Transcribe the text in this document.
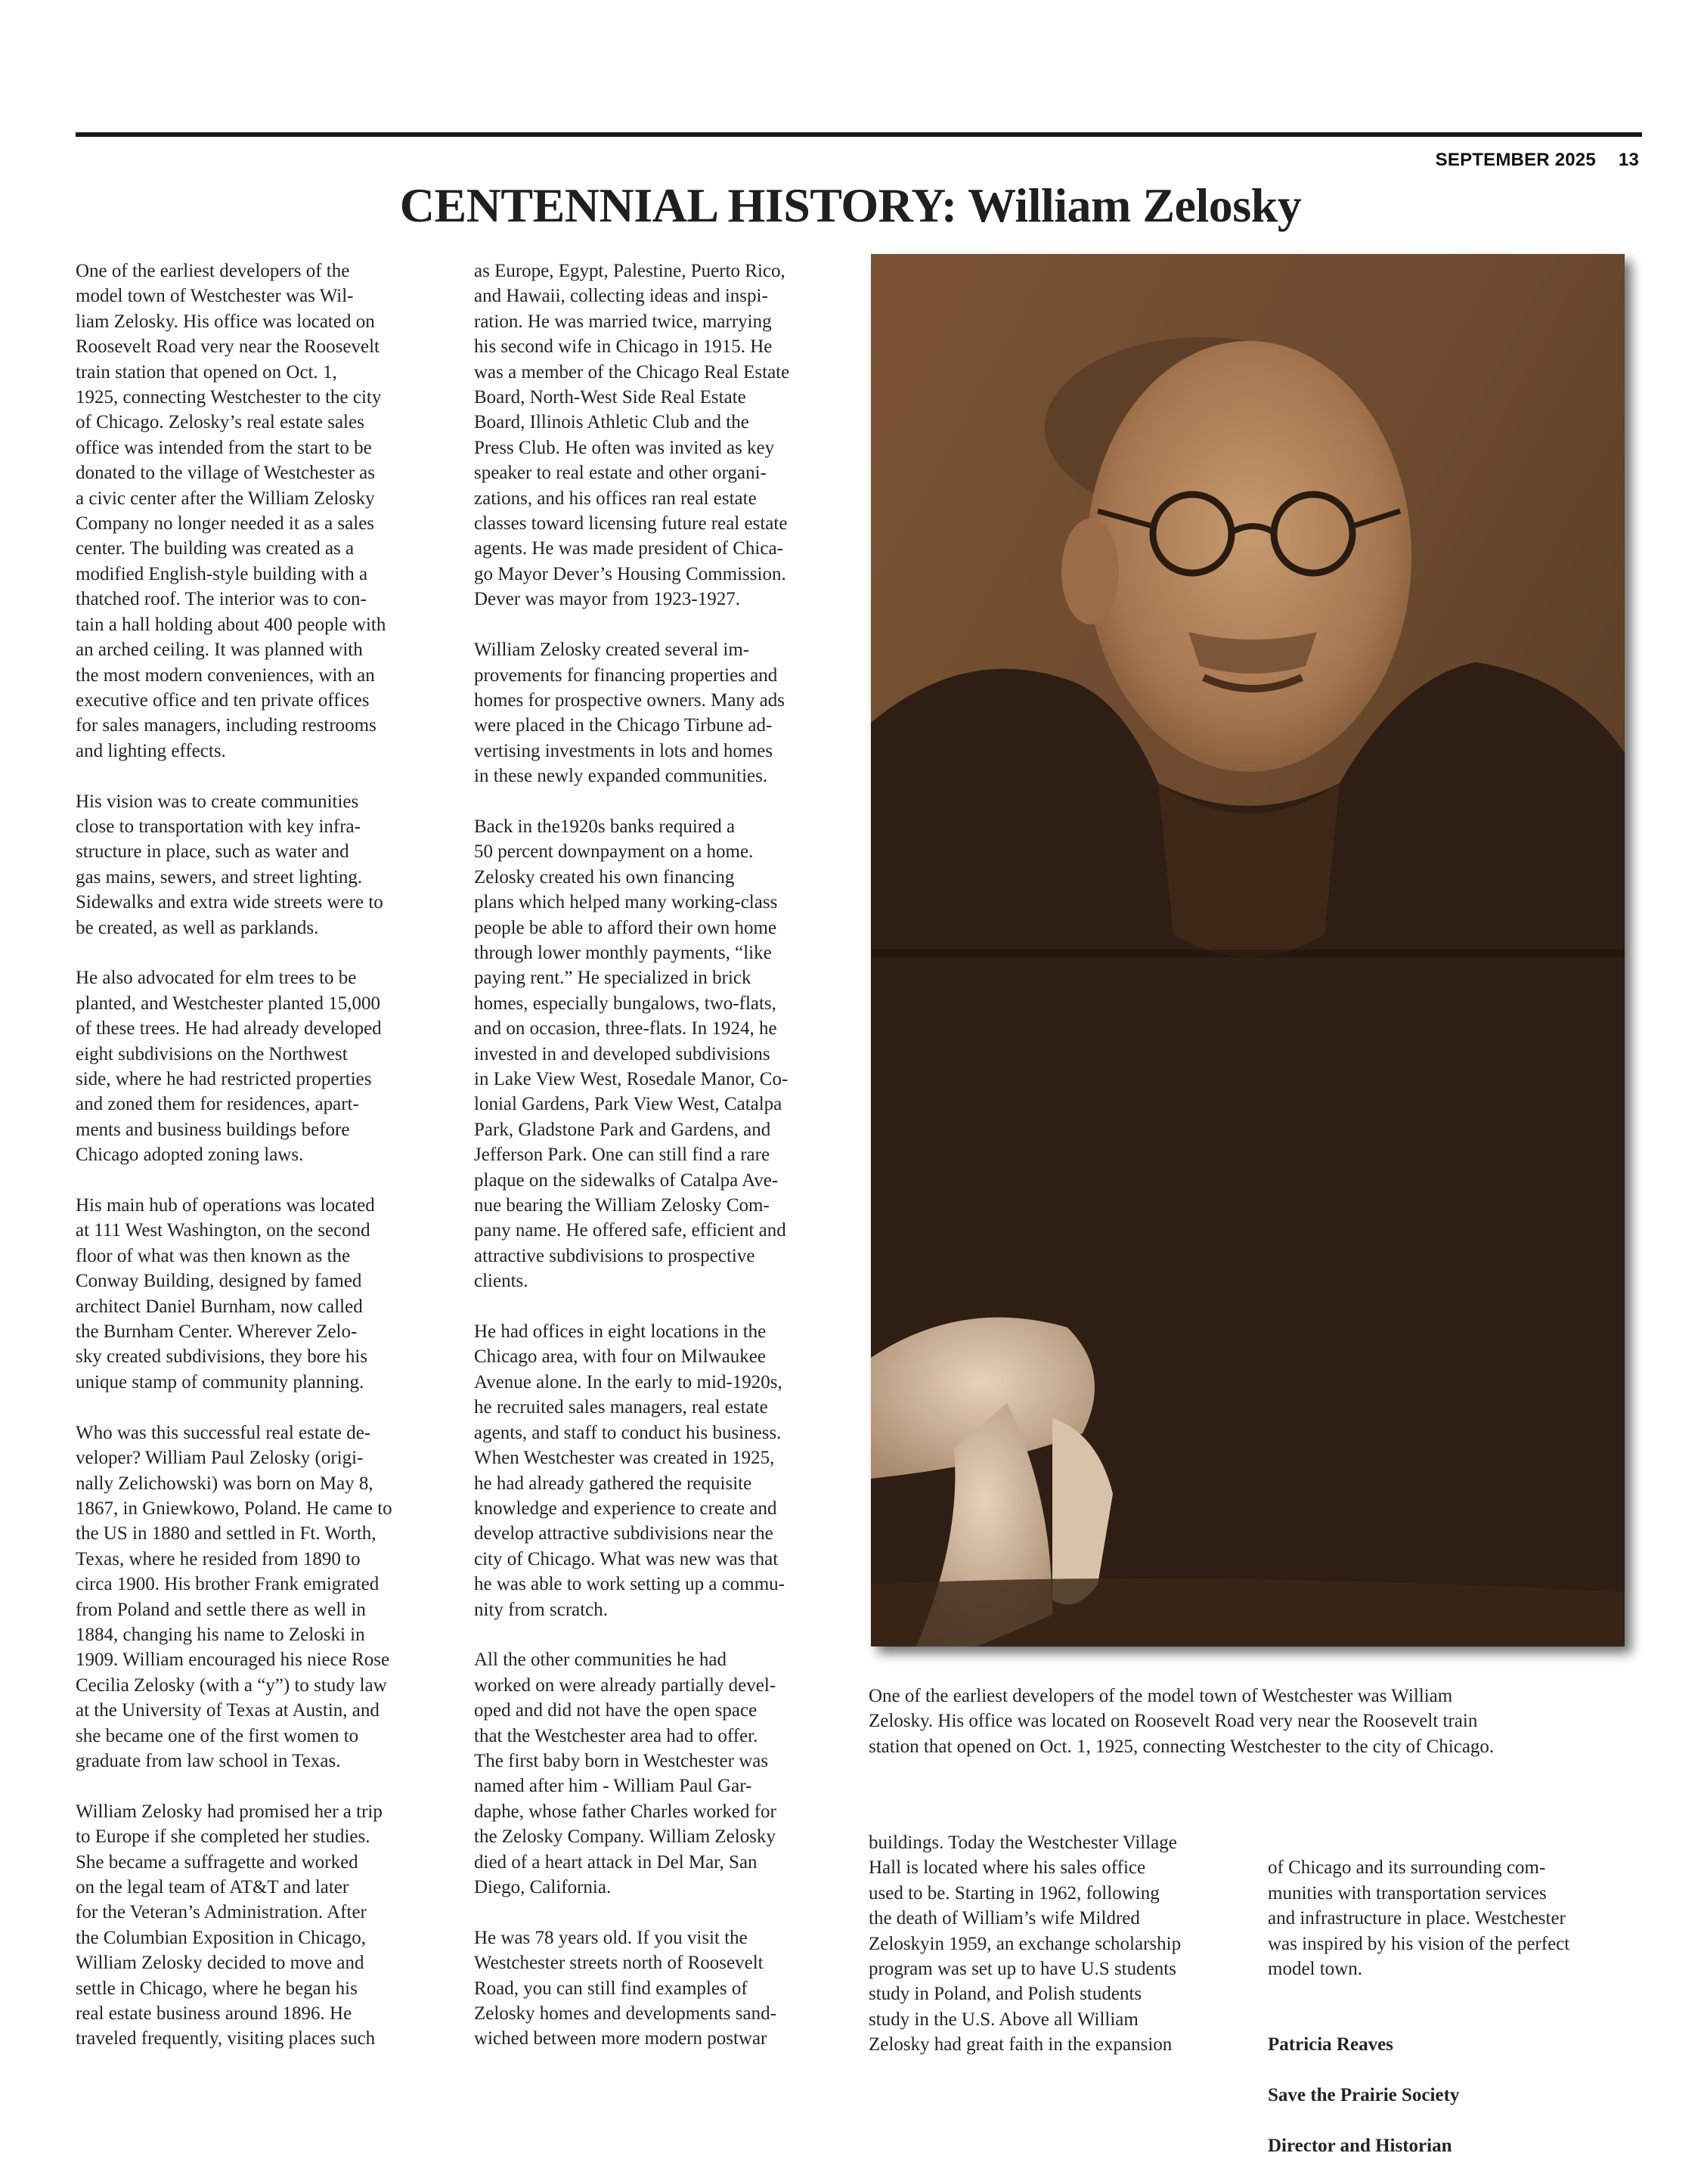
SEPTEMBER 2025 13
CENTENNIAL HISTORY: William Zelosky

One of the earliest developers of the
model town of Westchester was Wil-
liam Zelosky. His office was located on
Roosevelt Road very near the Roosevelt
train station that opened on Oct. 1,
1925, connecting Westchester to the city
of Chicago. Zelosky’s real estate sales
office was intended from the start to be
donated to the village of Westchester as
a civic center after the William Zelosky
Company no longer needed it as a sales
center. The building was created as a
modified English-style building with a
thatched roof. The interior was to con-
tain a hall holding about 400 people with
an arched ceiling. It was planned with
the most modern conveniences, with an
executive office and ten private offices
for sales managers, including restrooms
and lighting effects.

His vision was to create communities
close to transportation with key infra-
structure in place, such as water and
gas mains, sewers, and street lighting.
Sidewalks and extra wide streets were to
be created, as well as parklands.

He also advocated for elm trees to be
planted, and Westchester planted 15,000
of these trees. He had already developed
eight subdivisions on the Northwest
side, where he had restricted properties
and zoned them for residences, apart-
ments and business buildings before
Chicago adopted zoning laws.

His main hub of operations was located
at 111 West Washington, on the second
floor of what was then known as the
Conway Building, designed by famed
architect Daniel Burnham, now called
the Burnham Center. Wherever Zelo-
sky created subdivisions, they bore his
unique stamp of community planning.

Who was this successful real estate de-
veloper? William Paul Zelosky (origi-
nally Zelichowski) was born on May 8,
1867, in Gniewkowo, Poland. He came to
the US in 1880 and settled in Ft. Worth,
Texas, where he resided from 1890 to
circa 1900. His brother Frank emigrated
from Poland and settle there as well in
1884, changing his name to Zeloski in
1909. William encouraged his niece Rose
Cecilia Zelosky (with a “y”) to study law
at the University of Texas at Austin, and
she became one of the first women to
graduate from law school in Texas.

William Zelosky had promised her a trip
to Europe if she completed her studies.
She became a suffragette and worked
on the legal team of AT&T and later
for the Veteran’s Administration. After
the Columbian Exposition in Chicago,
William Zelosky decided to move and
settle in Chicago, where he began his
real estate business around 1896. He
traveled frequently, visiting places such

as Europe, Egypt, Palestine, Puerto Rico,
and Hawaii, collecting ideas and inspi-
ration. He was married twice, marrying
his second wife in Chicago in 1915. He
was a member of the Chicago Real Estate
Board, North-West Side Real Estate
Board, Illinois Athletic Club and the
Press Club. He often was invited as key
speaker to real estate and other organi-
zations, and his offices ran real estate
classes toward licensing future real estate
agents. He was made president of Chica-
go Mayor Dever’s Housing Commission.
Dever was mayor from 1923-1927.

William Zelosky created several im-
provements for financing properties and
homes for prospective owners. Many ads
were placed in the Chicago Tirbune ad-
vertising investments in lots and homes
in these newly expanded communities.

Back in the1920s banks required a
50 percent downpayment on a home.
Zelosky created his own financing
plans which helped many working-class
people be able to afford their own home
through lower monthly payments, “like
paying rent.” He specialized in brick
homes, especially bungalows, two-flats,
and on occasion, three-flats. In 1924, he
invested in and developed subdivisions
in Lake View West, Rosedale Manor, Co-
lonial Gardens, Park View West, Catalpa
Park, Gladstone Park and Gardens, and
Jefferson Park. One can still find a rare
plaque on the sidewalks of Catalpa Ave-
nue bearing the William Zelosky Com-
pany name. He offered safe, efficient and
attractive subdivisions to prospective
clients.

He had offices in eight locations in the
Chicago area, with four on Milwaukee
Avenue alone. In the early to mid-1920s,
he recruited sales managers, real estate
agents, and staff to conduct his business.
When Westchester was created in 1925,
he had already gathered the requisite
knowledge and experience to create and
develop attractive subdivisions near the
city of Chicago. What was new was that
he was able to work setting up a commu-
nity from scratch.

All the other communities he had
worked on were already partially devel-
oped and did not have the open space
that the Westchester area had to offer.
The first baby born in Westchester was
named after him - William Paul Gar-
daphe, whose father Charles worked for
the Zelosky Company. William Zelosky
died of a heart attack in Del Mar, San
Diego, California.

He was 78 years old. If you visit the
Westchester streets north of Roosevelt
Road, you can still find examples of
Zelosky homes and developments sand-
wiched between more modern postwar

One of the earliest developers of the model town of Westchester was William
Zelosky. His office was located on Roosevelt Road very near the Roosevelt train
station that opened on Oct. 1, 1925, connecting Westchester to the city of Chicago.

buildings. Today the Westchester Village
Hall is located where his sales office
used to be. Starting in 1962, following
the death of William’s wife Mildred
Zeloskyin 1959, an exchange scholarship
program was set up to have U.S students
study in Poland, and Polish students
study in the U.S. Above all William
Zelosky had great faith in the expansion

of Chicago and its surrounding com-
munities with transportation services
and infrastructure in place. Westchester
was inspired by his vision of the perfect
model town.

Patricia Reaves

Save the Prairie Society

Director and Historian
